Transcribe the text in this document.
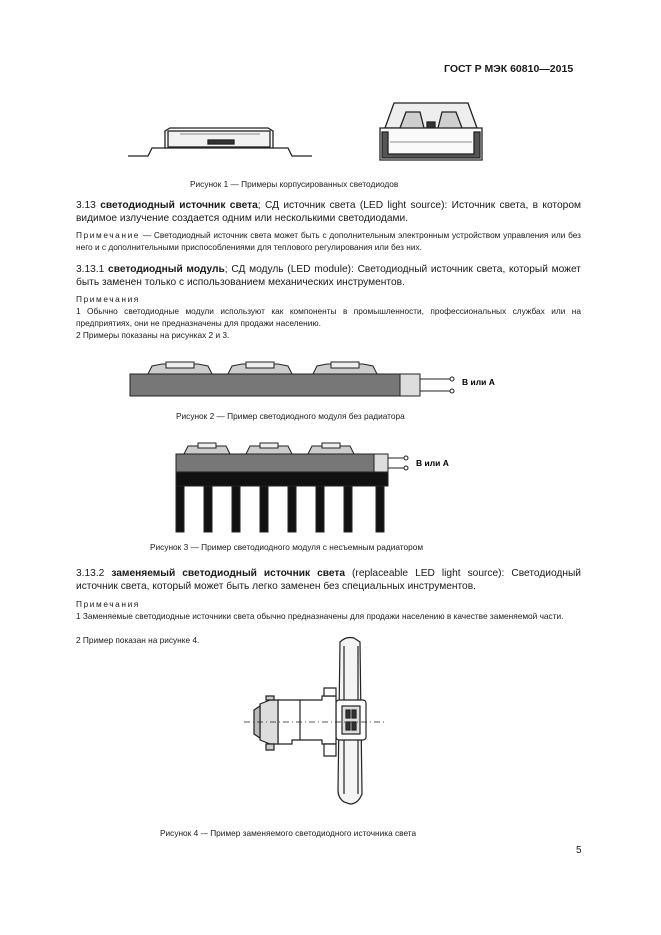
ГОСТ Р МЭК 60810—2015
Рисунок 1 — Примеры корпусированных светодиодов
3.13 светодиодный источник света; СД источник света (LED light source): Источник света, в котором видимое излучение создается одним или несколькими светодиодами.
Примечание — Светодиодный источник света может быть с дополнительным электронным устройством управления или без него и с дополнительными приспособлениями для теплового регулирования или без них.
3.13.1 светодиодный модуль; СД модуль (LED module): Светодиодный источник света, который может быть заменен только с использованием механических инструментов.
Примечания
1 Обычно светодиодные модули используют как компоненты в промышленности, профессиональных службах или на предприятиях, они не предназначены для продажи населению.
2 Примеры показаны на рисунках 2 и 3.
В или А
Рисунок 2 — Пример светодиодного модуля без радиатора
В или А
Рисунок 3 — Пример светодиодного модуля с несъемным радиатором
3.13.2 заменяемый светодиодный источник света (replaceable LED light source): Светодиодный источник света, который может быть легко заменен без специальных инструментов.
Примечания
1 Заменяемые светодиодные источники света обычно предназначены для продажи населению в качестве заменяемой части.
2 Пример показан на рисунке 4.
Рисунок 4 -– Пример заменяемого светодиодного источника света
5
